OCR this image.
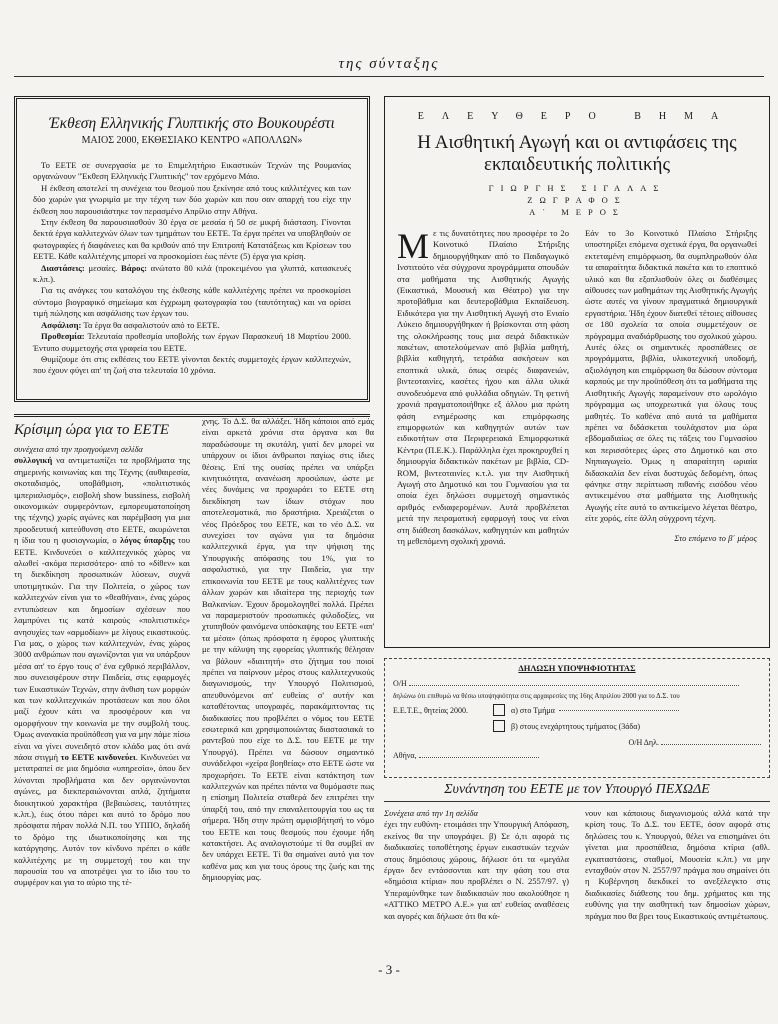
της σύνταξης
Έκθεση Ελληνικής Γλυπτικής στο Βουκουρέστι
ΜΑΙΟΣ 2000, ΕΚΘΕΣΙΑΚΟ ΚΕΝΤΡΟ «ΑΠΟΛΛΩΝ»

Το ΕΕΤΕ σε συνεργασία με το Επιμελητήριο Εικαστικών Τεχνών της Ρουμανίας οργανώνουν "Έκθεση Ελληνικής Γλυπτικής" τον ερχόμενο Μάιο.

Η έκθεση αποτελεί τη συνέχεια του θεσμού που ξεκίνησε από τους καλλιτέχνες και των δύο χωρών για γνωριμία με την τέχνη των δύο χωρών και που σαν απαρχή του είχε την έκθεση που παρουσιάστηκε τον περασμένο Απρίλιο στην Αθήνα.

Στην έκθεση θα παρουσιασθούν 30 έργα σε μεσαία ή 50 σε μικρή διάσταση. Γίνονται δεκτά έργα καλλιτεχνών όλων των τμημάτων του ΕΕΤΕ. Τα έργα πρέπει να υποβληθούν σε φωτογραφίες ή διαφάνειες και θα κριθούν από την Επιτροπή Κατατάξεως και Κρίσεων του ΕΕΤΕ. Κάθε καλλιτέχνης μπορεί να προσκομίσει έως πέντε (5) έργα για κρίση.

Διαστάσεις: μεσαίες. Βάρος: ανώτατο 80 κιλά (προκειμένου για γλυπτά, κατασκευές κ.λπ.).

Για τις ανάγκες του καταλόγου της έκθεσης κάθε καλλιτέχνης πρέπει να προσκομίσει σύντομο βιογραφικό σημείωμα και έγχρωμη φωτογραφία του (ταυτότητας) και να ορίσει τιμή πώλησης και ασφάλισης των έργων του.

Ασφάλιση: Τα έργα θα ασφαλιστούν από το ΕΕΤΕ.

Προθεσμία: Τελευταία προθεσμία υποβολής των έργων Παρασκευή 18 Μαρτίου 2000. Έντυπο συμμετοχής στα γραφεία του ΕΕΤΕ.

Θυμίζουμε ότι στις εκθέσεις του ΕΕΤΕ γίνονται δεκτές συμμετοχές έργων καλλιτεχνών, που έχουν φύγει απ' τη ζωή στα τελευταία 10 χρόνια.

ΕΛΕΥΘΕΡΟ ΒΗΜΑ
Η Αισθητική Αγωγή και οι αντιφάσεις της εκπαιδευτικής πολιτικής
ΓΙΩΡΓΗΣ ΣΙΓΑΛΑΣ
ΖΩΓΡΑΦΟΣ
Α΄ ΜΕΡΟΣ
Με τις δυνατότητες που προσφέρε το 2ο Κοινοτικό Πλαίσιο Στήριξης δημιουργήθηκαν από το Παιδαγωγικό Ινστιτούτο νέα σύγχρονα προγράμματα σπουδών στα μαθήματα της Αισθητικής Αγωγής (Εικαστικά, Μουσική και Θέατρο) για την προτοβάθμια και δευτεροβάθμια Εκπαίδευση. Ειδικότερα για την Αισθητική Αγωγή στο Ενιαίο Λύκειο δημιουργήθηκαν ή βρίσκονται στη φάση της ολοκλήρωσης τους μια σειρά διδακτικών πακέτων, αποτελούμενων από βιβλία μαθητή, βιβλία καθηγητή, τετράδια ασκήσεων και εποπτικά υλικά, όπως σειρές διαφανειών, βιντεοταινίες, κασέτες ήχου και άλλα υλικά συνοδευόμενα από φυλλάδια οδηγιών. Τη φετινή χρονιά πραγματοποιήθηκε εξ άλλου μια πρώτη φάση ενημέρωσης και επιμόρφωσης επιμορφωτών και καθηγητών αυτών των ειδικοτήτων στα Περιφερειακά Επιμορφωτικά Κέντρα (Π.Ε.Κ.). Παράλληλα έχει προκηρυχθεί η δημιουργία διδακτικών πακέτων με βιβλία, CD-ROM, βιντεοταινίες κ.τ.λ. για την Αισθητική Αγωγή στο Δημοτικό και του Γυμνασίου για τα οποία έχει δηλώσει συμμετοχή σημαντικός αριθμός ενδιαφερομένων. Αυτά προβλέπεται μετά την πειραματική εφαρμογή τους να είναι στη διάθεση δασκάλων, καθηγητών και μαθητών τη μεθεπόμενη σχολική χρονιά.
Εάν το 3ο Κοινοτικό Πλαίσιο Στήριξης υποστηρίξει επόμενα σχετικά έργα, θα οργανωθεί εκτεταμένη επιμόρφωση, θα συμπληρωθούν όλα τα απαραίτητα διδακτικά πακέτα και το εποπτικό υλικό και θα εξοπλισθούν όλες οι διαθέσιμες αίθουσες των μαθημάτων της Αισθητικής Αγωγής ώστε αυτές να γίνουν πραγματικά δημιουργικά εργαστήρια. Ήδη έχουν διατεθεί τέτοιες αίθουσες σε 180 σχολεία τα οποία συμμετέχουν σε πρόγραμμα αναδιάρθρωσης του σχολικού χώρου. Αυτές όλες οι σημαντικές προσπάθειες σε προγράμματα, βιβλία, υλικοτεχνική υποδομή, αξιολόγηση και επιμόρφωση θα δώσουν σύντομα καρπούς με την προϋπόθεση ότι τα μαθήματα της Αισθητικής Αγωγής παραμείνουν στο ωρολόγιο πρόγραμμα ως υποχρεωτικά για όλους τους μαθητές. Το καθένα από αυτά τα μαθήματα πρέπει να διδάσκεται τουλάχιστον μια ώρα εβδομαδιαίως σε όλες τις τάξεις του Γυμνασίου και περισσότερες ώρες στο Δημοτικό και στο Νηπιαγωγείο. Όμως η απαραίτητη ωριαία διδασκαλία δεν είναι δυστυχώς δεδομένη, όπως φάνηκε στην περίπτωση πιθανής εισόδου νέου αντικειμένου στα μαθήματα της Αισθητικής Αγωγής είτε αυτό το αντικείμενο λέγεται θέατρο, είτε χορός, είτε άλλη σύγχρονη τέχνη.
Στο επόμενο το β΄ μέρος
Κρίσιμη ώρα για το ΕΕΤΕ
συνέχεια από την προηγούμενη σελίδα
συλλογική να αντιμετωπίζει τα προβλήματα της σημερινής κοινωνίας και της Τέχνης (αυθαιρεσία, σκοταδισμός, υποβάθμιση, «πολιτιστικός ιμπεριαλισμός», εισβολή show bussiness, εισβολή οικονομικών συμφερόντων, εμπορευματοποίηση της τέχνης) χωρίς αγώνες και παρέμβαση για μια προοδευτική κατεύθυνση στο ΕΕΤΕ, ακυρώνεται η ίδια του η φυσιογνωμία, ο λόγος ύπαρξης του ΕΕΤΕ. Κινδυνεύει ο καλλιτεχνικός χώρος να αλωθεί -ακόμα περισσότερο- από το «δίθεν» και τη διεκδίκηση προσωπικών λύσεων, συχνά υποτιμητικών. Για την Πολιτεία, ο χώρος των καλλιτεχνών είναι για το «θεαθήναι», ένας χώρος εντυπώσεων και δημοσίων σχέσεων που λαμπρύνει τις κατά καιρούς «πολιτιστικές» ανησυχίες των «αρμοδίων» με λίγους εικαστικούς. Για μας, ο χώρος των καλλιτεχνών, ένας χώρος 3000 ανθρώπων που αγωνίζονται για να υπάρξουν μέσα απ' το έργο τους σ' ένα εχθρικό περιβάλλον, που συνεισφέρουν στην Παιδεία, στις εφαρμογές των Εικαστικών Τεχνών, στην άνθιση των μορφών και των καλλιτεχνικών προτάσεων και που όλοι μαζί έχουν κάτι να προσφέρουν και να ομορφήνουν την κοινωνία με την συμβολή τους. Όμως ανανακία προϋπόθεση για να μην πάμε πίσω είναι να γίνει συνειδητό στον κλάδο μας ότι ανά πάσα στιγμή το ΕΕΤΕ κινδυνεύει. Κινδυνεύει να μετατραπεί σε μια δημόσια «υπηρεσία», όπου δεν λύνονται προβλήματα και δεν οργανώνονται αγώνες, μα διεκπεραιώνονται απλά, ζητήματα διοικητικού χαρακτήρα (βεβαιώσεις, ταυτότητες κ.λπ.), έως ότου πάρει και αυτό το δρόμο που πρόσφατα πήραν πολλά Ν.Π. του ΥΠΠΟ, δηλαδή το δρόμο της ιδιωτικοποίησης και της κατάργησης. Αυτόν τον κίνδυνο πρέπει ο κάθε καλλιτέχνης με τη συμμετοχή του και την παρουσία του να αποτρέψει για το ίδιο του το συμφέρον και για το αύριο της τέ-
χνης. Το Δ.Σ. θα αλλάξει. Ήδη κάποιοι από εμάς είναι αρκετά χρόνια στα όργανα και θα παραδώσουμε τη σκυτάλη, γιατί δεν μπορεί να υπάρχουν οι ίδιοι άνθρωποι παγίως στις ίδιες θέσεις. Επί της ουσίας πρέπει να υπάρξει κινητικότητα, ανανέωση προσώπων, ώστε με νέες δυνάμεις να προχωράει το ΕΕΤΕ στη διεκδίκηση των ίδιων στόχων που αποτελεσματικά, πιο δραστήρια. Χρειάζεται ο νέος Πρόεδρος του ΕΕΤΕ, και το νέο Δ.Σ. να συνεχίσει τον αγώνα για τα δημόσια καλλιτεχνικά έργα, για την ψήφιση της Υπουργικής απόφασης του 1%, για το ασφαλιστικό, για την Παιδεία, για την επικοινωνία του ΕΕΤΕ με τους καλλιτέχνες των άλλων χωρών και ιδιαίτερα της περιοχής των Βαλκανίων. Έχουν δρομολογηθεί πολλά. Πρέπει να παραμεριστούν προσωπικές φιλοδοξίες, να χτυπηθούν φαινόμενα υπόσκαψης του ΕΕΤΕ «απ' τα μέσα» (όπως πρόσφατα η έφορος γλυπτικής με την κάλυψη της εφορείας γλυπτικής θέλησαν να βάλουν «διαιτητή» στο ζήτημα του ποιοί πρέπει να παίρνουν μέρος στους καλλιτεχνικούς διαγωνισμούς, την Υπουργό Πολιτισμού, απευθυνόμενοι απ' ευθείας σ' αυτήν και καταθέτοντας υπογραφές, παρακάμπτοντας τις διαδικασίες που προβλέπει ο νόμος του ΕΕΤΕ εσωτερικά και χρησιμοποιώντας διαστασιακά το ραντεβού που είχε το Δ.Σ. του ΕΕΤΕ με την Υπουργό). Πρέπει να δώσουν σημαντικό συνάδελφοι «χείρα βοηθείας» στο ΕΕΤΕ ώστε να προχωρήσει. Το ΕΕΤΕ είναι κατάκτηση των καλλιτεχνών και πρέπει πάντα να θυμόμαστε πως η επίσημη Πολιτεία σταθερά δεν επιτρέπει την ύπαρξή του, από την επαναλειτουργία του ως τα σήμερα. Ήδη στην πρώτη αμφισβήτησή το νόμο του ΕΕΤΕ και τους θεσμούς που έχουμε ήδη κατακτήσει. Ας αναλογιστούμε τί θα συμβεί αν δεν υπάρχει ΕΕΤΕ. Τί θα σημαίνει αυτό για τον καθένα μας και για τους όρους της ζωής και της δημιουργίας μας.
ΔΗΛΩΣΗ ΥΠΟΨΗΦΙΟΤΗΤΑΣ
Ο/Η
δηλώνω ότι επιθυμώ να θέσω υποψηφιότητα στις αρχαιρεσίες της 16ης Απριλίου 2000 για το Δ.Σ. του
Ε.Ε.Τ.Ε., θητείας 2000.	α) στο Τμήμα
β) στους ενεχάρτητους τμήματος (3άδα)
Ο/Η Δηλ.
Αθήνα,
Συνάντηση του ΕΕΤΕ με τον Υπουργό ΠΕΧΩΔΕ
Συνέχεια από την 1η σελίδα
έχει την ευθύνη- ετοιμάσει την Υπουργική Απόφαση, εκείνος θα την υπογράψει. β) Σε ό,τι αφορά τις διαδικασίες τοποθέτησης έργων εικαστικών τεχνών στους δημόσιους χώρους, δήλωσε ότι τα «μεγάλα έργα» δεν εντάσσονται κατ την φάση του στα «δημόσια κτίρια» που προβλέπει ο Ν. 2557/97. γ) Υπεραμύνθηκε των διαδικασιών που ακολούθησε η «ΑΤΤΙΚΟ ΜΕΤΡΟ Α.Ε.» για απ' ευθείας αναθέσεις και αγορές και δήλωσε ότι θα κά-
νουν και κάποιους διαγωνισμούς αλλά κατά την κρίση τους. Το Δ.Σ. του ΕΕΤΕ, όσον αφορά στις δηλώσεις του κ. Υπουργού, θέλει να επισημάνει ότι γίνεται μια προσπάθεια, δημόσια κτίρια (αθλ. εγκαταστάσεις, σταθμοί, Μουσεία κ.λπ.) να μην ενταχθούν στον Ν. 2557/97 πράγμα που σημαίνει ότι η Κυβέρνηση διεκδικεί το ανεξέλεγκτο στις διαδικασίες διάθεσης του δημ. χρήματος και της ευθύνης για την αισθητική των δημοσίων χώρων, πράγμα που θα βρει τους Εικαστικούς αντιμέτωπους.
- 3 -
